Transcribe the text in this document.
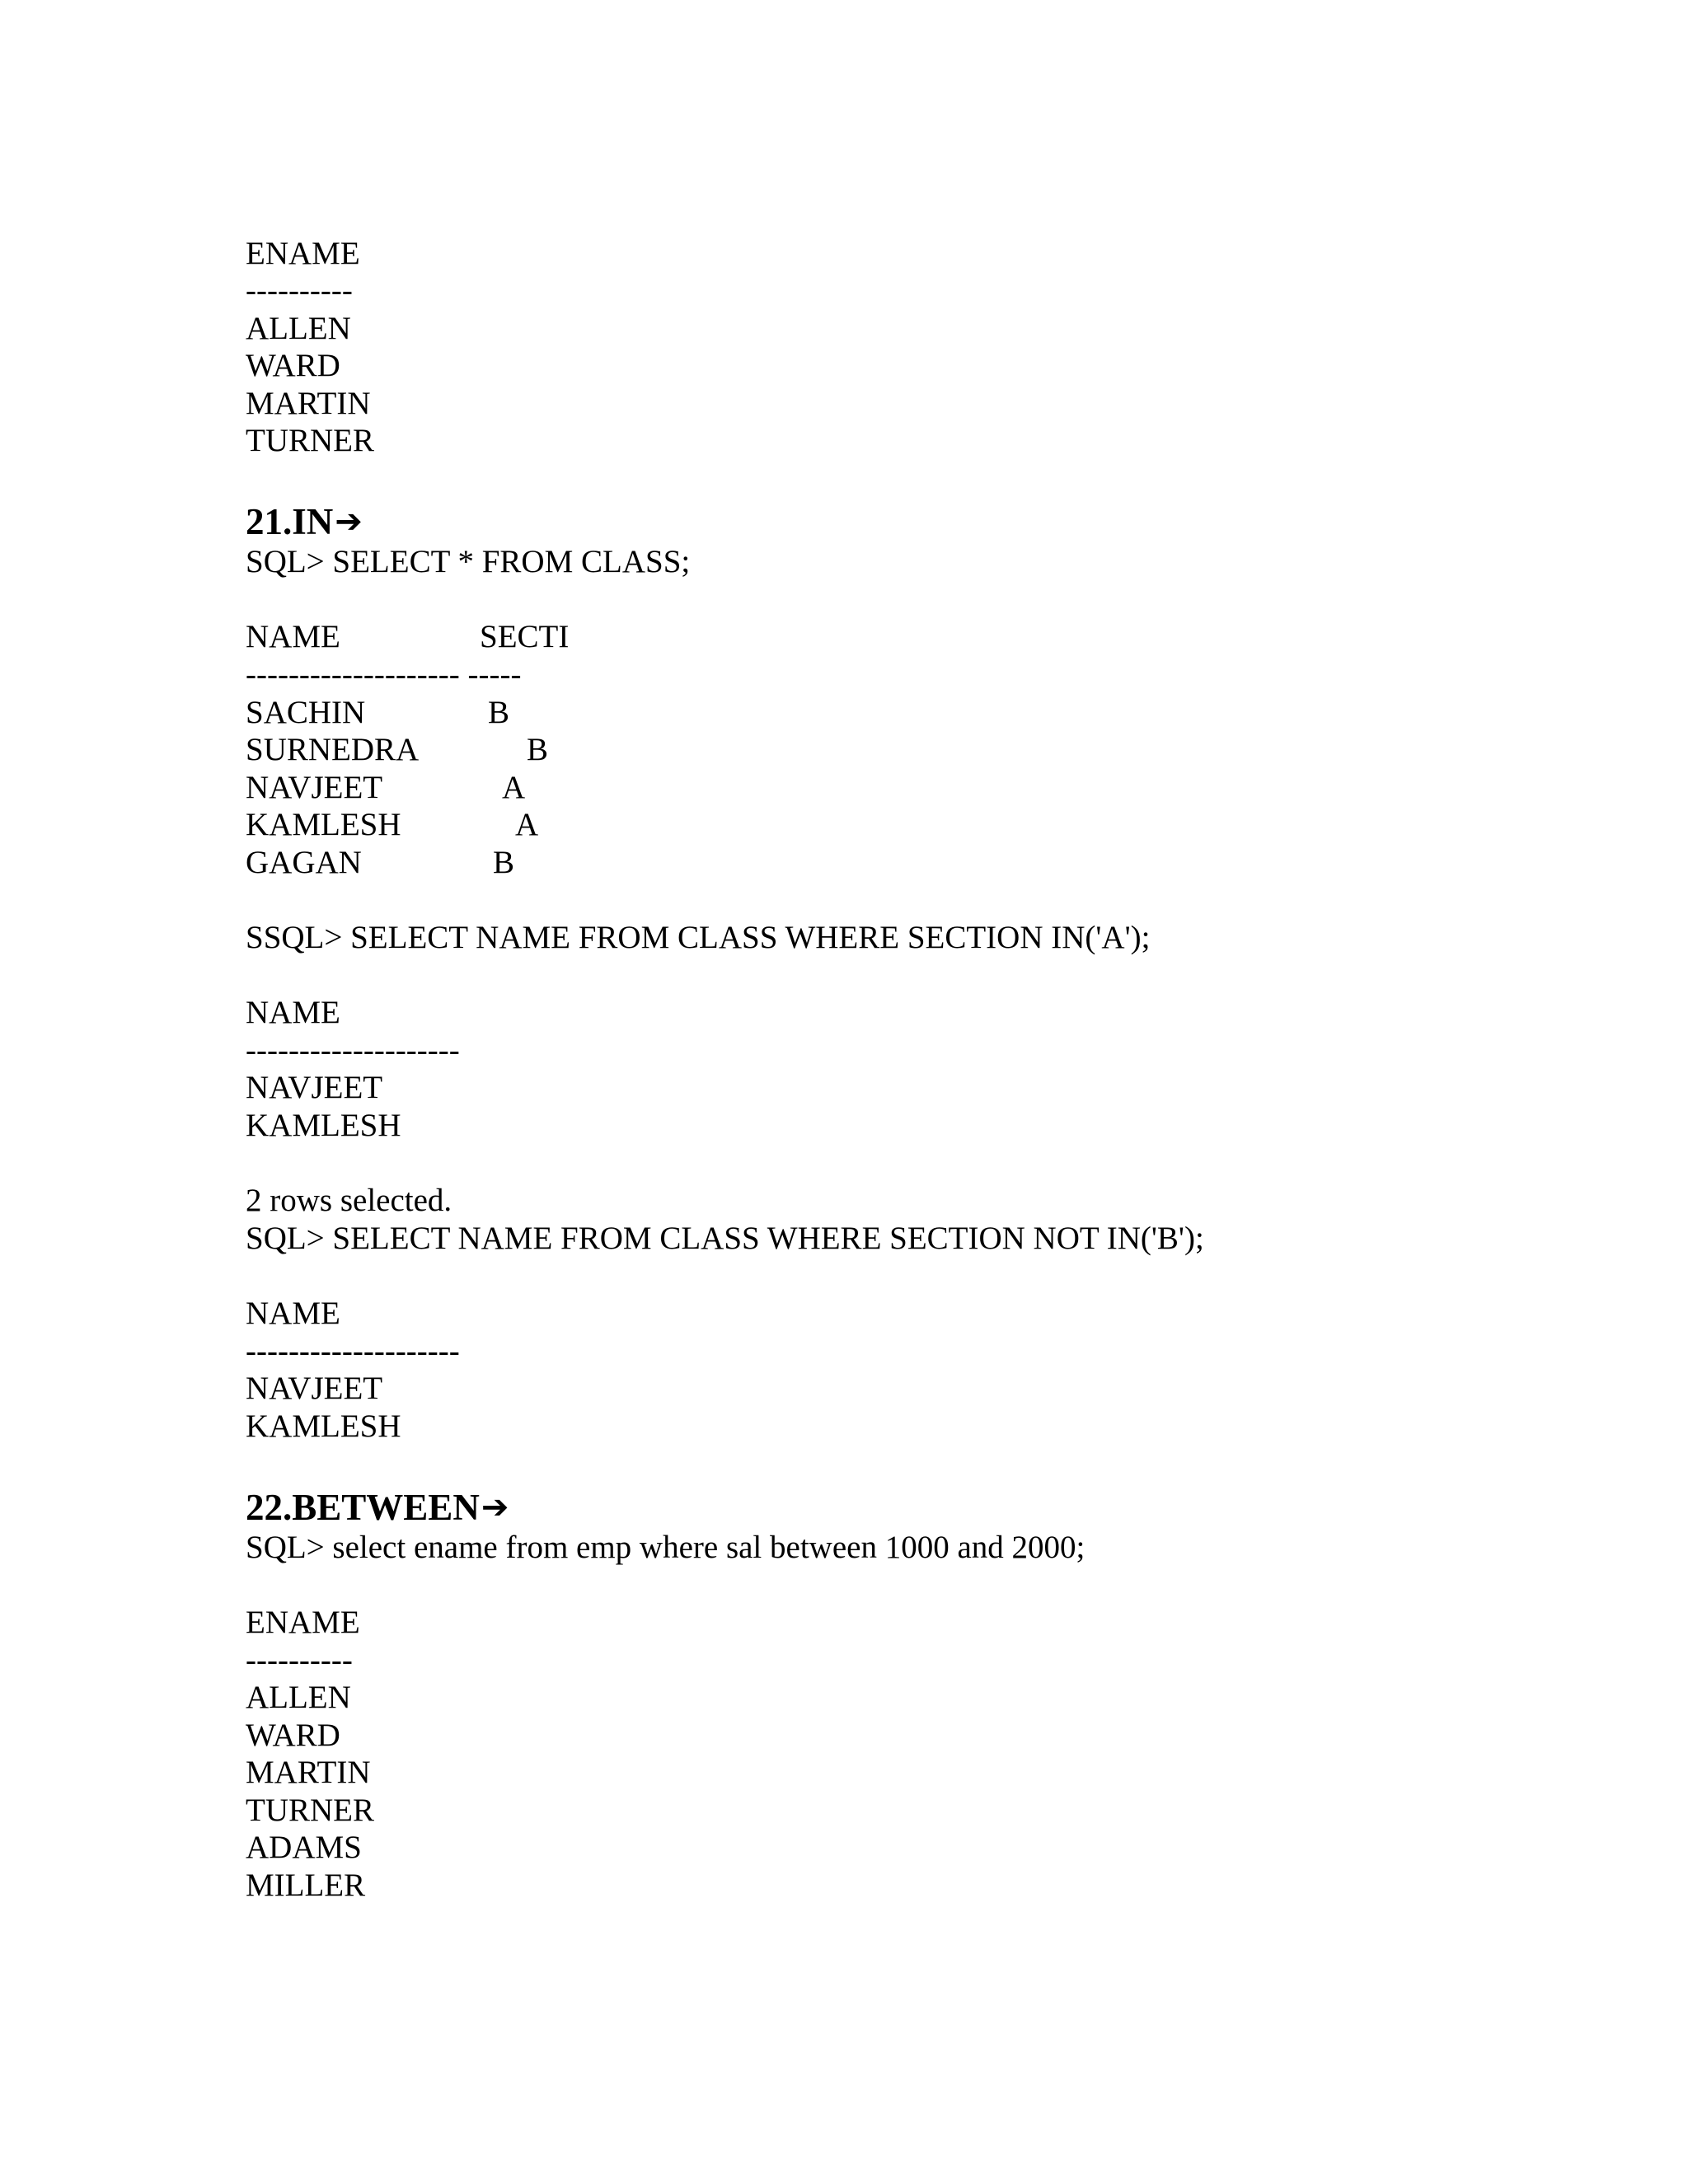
ENAME
----------
ALLEN
WARD
MARTIN
TURNER
21.IN➔
SQL> SELECT * FROM CLASS;
NAME	SECTI
-------------------- -----
SACHIN	B
SURNEDRA	B
NAVJEET	A
KAMLESH	A
GAGAN	B
SSQL> SELECT NAME FROM CLASS WHERE SECTION IN('A');
NAME
--------------------
NAVJEET
KAMLESH
2 rows selected.
SQL> SELECT NAME FROM CLASS WHERE SECTION NOT IN('B');
NAME
--------------------
NAVJEET
KAMLESH
22.BETWEEN➔
SQL> select ename from emp where sal between 1000 and 2000;
ENAME
----------
ALLEN
WARD
MARTIN
TURNER
ADAMS
MILLER
